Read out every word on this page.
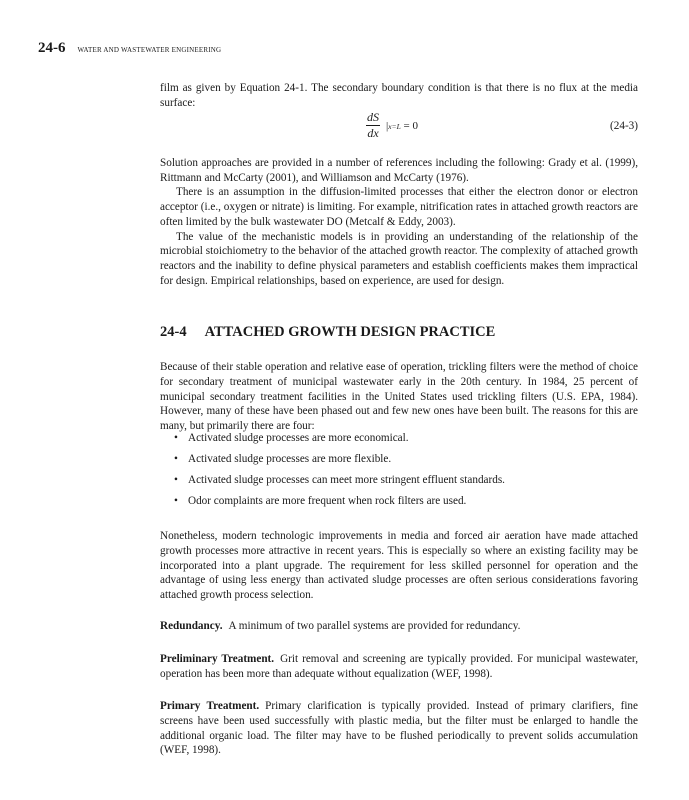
24-6 WATER AND WASTEWATER ENGINEERING

film as given by Equation 24-1. The secondary boundary condition is that there is no flux at the media surface:

$\frac{dS}{dx} |x=L = 0$	(24-3)

Solution approaches are provided in a number of references including the following: Grady et al. (1999), Rittmann and McCarty (2001), and Williamson and McCarty (1976).

There is an assumption in the diffusion-limited processes that either the electron donor or electron acceptor (i.e., oxygen or nitrate) is limiting. For example, nitrification rates in attached growth reactors are often limited by the bulk wastewater DO (Metcalf & Eddy, 2003).

The value of the mechanistic models is in providing an understanding of the relationship of the microbial stoichiometry to the behavior of the attached growth reactor. The complexity of attached growth reactors and the inability to define physical parameters and establish coefficients makes them impractical for design. Empirical relationships, based on experience, are used for design.

24-4 ATTACHED GROWTH DESIGN PRACTICE

Because of their stable operation and relative ease of operation, trickling filters were the method of choice for secondary treatment of municipal wastewater early in the 20th century. In 1984, 25 percent of municipal secondary treatment facilities in the United States used trickling filters (U.S. EPA, 1984). However, many of these have been phased out and few new ones have been built. The reasons for this are many, but primarily there are four:

• Activated sludge processes are more economical.
• Activated sludge processes are more flexible.
• Activated sludge processes can meet more stringent effluent standards.
• Odor complaints are more frequent when rock filters are used.

Nonetheless, modern technologic improvements in media and forced air aeration have made attached growth processes more attractive in recent years. This is especially so where an existing facility may be incorporated into a plant upgrade. The requirement for less skilled personnel for operation and the advantage of using less energy than activated sludge processes are often serious considerations favoring attached growth process selection.

Redundancy. A minimum of two parallel systems are provided for redundancy.

Preliminary Treatment. Grit removal and screening are typically provided. For municipal wastewater, operation has been more than adequate without equalization (WEF, 1998).

Primary Treatment. Primary clarification is typically provided. Instead of primary clarifiers, fine screens have been used successfully with plastic media, but the filter must be enlarged to handle the additional organic load. The filter may have to be flushed periodically to prevent solids accumulation (WEF, 1998).
